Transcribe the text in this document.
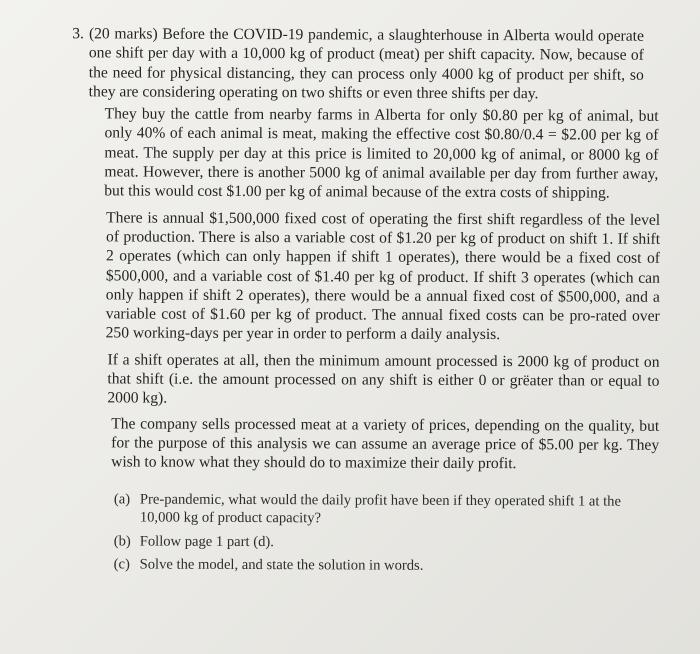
3. (20 marks) Before the COVID-19 pandemic, a slaughterhouse in Alberta would operate one shift per day with a 10,000 kg of product (meat) per shift capacity. Now, because of the need for physical distancing, they can process only 4000 kg of product per shift, so they are considering operating on two shifts or even three shifts per day.

They buy the cattle from nearby farms in Alberta for only $0.80 per kg of animal, but only 40% of each animal is meat, making the effective cost $0.80/0.4 = $2.00 per kg of meat. The supply per day at this price is limited to 20,000 kg of animal, or 8000 kg of meat. However, there is another 5000 kg of animal available per day from further away, but this would cost $1.00 per kg of animal because of the extra costs of shipping.

There is annual $1,500,000 fixed cost of operating the first shift regardless of the level of production. There is also a variable cost of $1.20 per kg of product on shift 1. If shift 2 operates (which can only happen if shift 1 operates), there would be a fixed cost of $500,000, and a variable cost of $1.40 per kg of product. If shift 3 operates (which can only happen if shift 2 operates), there would be a annual fixed cost of $500,000, and a variable cost of $1.60 per kg of product. The annual fixed costs can be pro-rated over 250 working-days per year in order to perform a daily analysis.

If a shift operates at all, then the minimum amount processed is 2000 kg of product on that shift (i.e. the amount processed on any shift is either 0 or grëater than or equal to 2000 kg).

The company sells processed meat at a variety of prices, depending on the quality, but for the purpose of this analysis we can assume an average price of $5.00 per kg. They wish to know what they should do to maximize their daily profit.

(a) Pre-pandemic, what would the daily profit have been if they operated shift 1 at the 10,000 kg of product capacity?
(b) Follow page 1 part (d).
(c) Solve the model, and state the solution in words.
